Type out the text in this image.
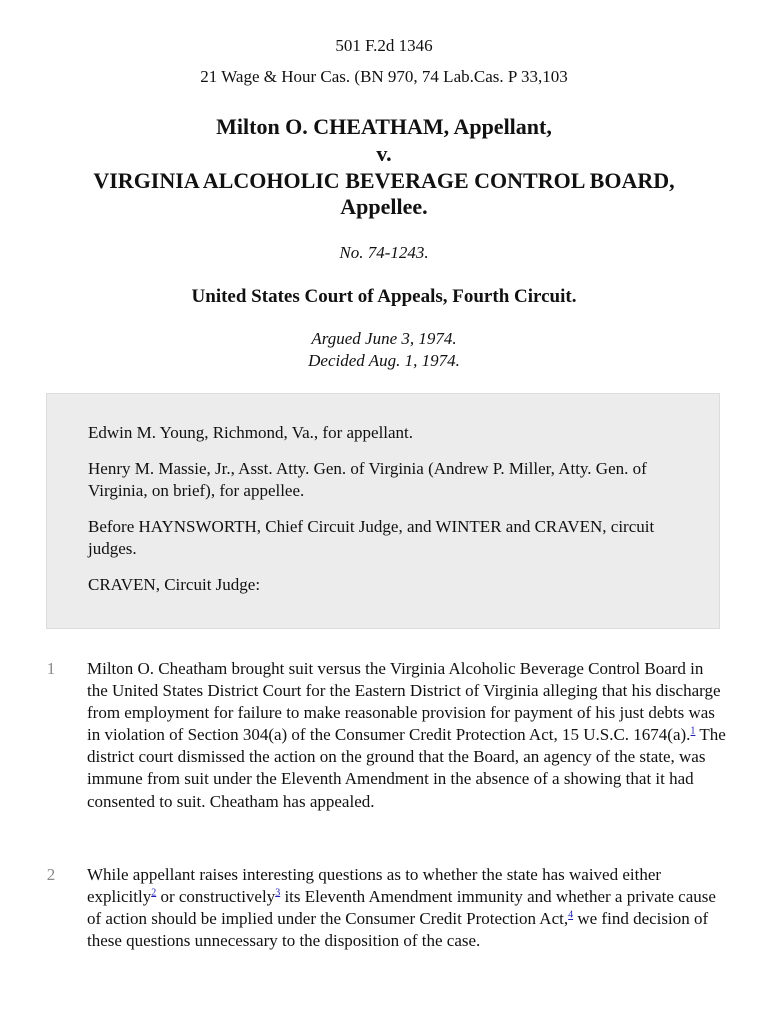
501 F.2d 1346
21 Wage & Hour Cas. (BN 970, 74 Lab.Cas. P 33,103
Milton O. CHEATHAM, Appellant,
v.
VIRGINIA ALCOHOLIC BEVERAGE CONTROL BOARD,
Appellee.
No. 74-1243.
United States Court of Appeals, Fourth Circuit.
Argued June 3, 1974.
Decided Aug. 1, 1974.

Edwin M. Young, Richmond, Va., for appellant.

Henry M. Massie, Jr., Asst. Atty. Gen. of Virginia (Andrew P. Miller, Atty. Gen. of Virginia, on brief), for appellee.

Before HAYNSWORTH, Chief Circuit Judge, and WINTER and CRAVEN, circuit judges.

CRAVEN, Circuit Judge:

1 Milton O. Cheatham brought suit versus the Virginia Alcoholic Beverage Control Board in the United States District Court for the Eastern District of Virginia alleging that his discharge from employment for failure to make reasonable provision for payment of his just debts was in violation of Section 304(a) of the Consumer Credit Protection Act, 15 U.S.C. 1674(a).$^1$ The district court dismissed the action on the ground that the Board, an agency of the state, was immune from suit under the Eleventh Amendment in the absence of a showing that it had consented to suit. Cheatham has appealed.
2 While appellant raises interesting questions as to whether the state has waived either explicitly$^2$ or constructively$^3$ its Eleventh Amendment immunity and whether a private cause of action should be implied under the Consumer Credit Protection Act,$^4$ we find decision of these questions unnecessary to the disposition of the case.
